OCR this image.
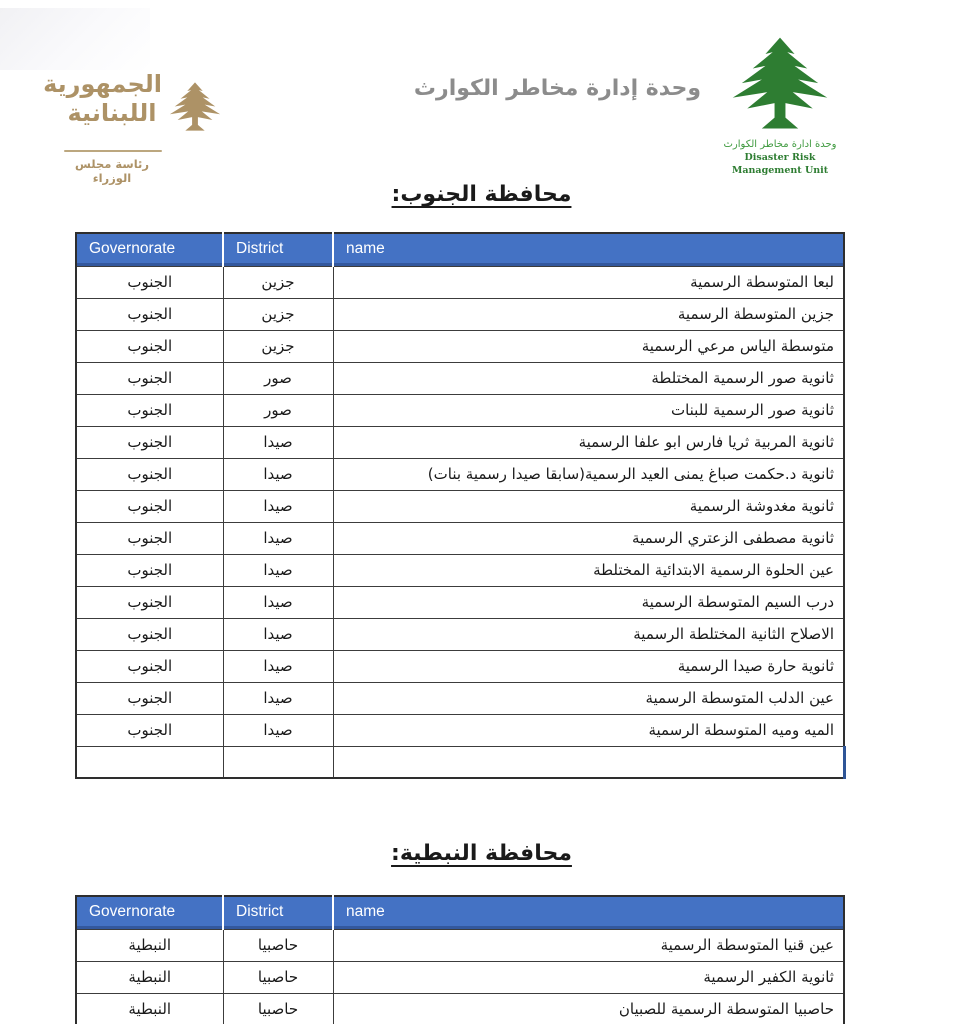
الجمهورية
اللبنانية
رئاسة مجلس الوزراء
وحدة إدارة مخاطر الكوارث
وحدة ادارة مخاطر الكوارث
Disaster Risk Management Unit
محافظة الجنوب:
Governorate	District	name
الجنوب	جزين	لبعا المتوسطة الرسمية
الجنوب	جزين	جزين المتوسطة الرسمية
الجنوب	جزين	متوسطة الياس مرعي الرسمية
الجنوب	صور	ثانوية صور الرسمية المختلطة
الجنوب	صور	ثانوية صور الرسمية للبنات
الجنوب	صيدا	ثانوية المربية ثريا فارس ابو علفا الرسمية
الجنوب	صيدا	ثانوية د.حكمت صباغ يمنى العيد الرسمية(سابقا صيدا رسمية بنات)
الجنوب	صيدا	ثانوية مغدوشة الرسمية
الجنوب	صيدا	ثانوية مصطفى الزعتري الرسمية
الجنوب	صيدا	عين الحلوة الرسمية الابتدائية المختلطة
الجنوب	صيدا	درب السيم المتوسطة الرسمية
الجنوب	صيدا	الاصلاح الثانية المختلطة الرسمية
الجنوب	صيدا	ثانوية حارة صيدا الرسمية
الجنوب	صيدا	عين الدلب المتوسطة الرسمية
الجنوب	صيدا	الميه وميه المتوسطة الرسمية

محافظة النبطية:
Governorate	District	name
النبطية	حاصبيا	عين قنيا المتوسطة الرسمية
النبطية	حاصبيا	ثانوية الكفير الرسمية
النبطية	حاصبيا	حاصبيا المتوسطة الرسمية للصبيان
